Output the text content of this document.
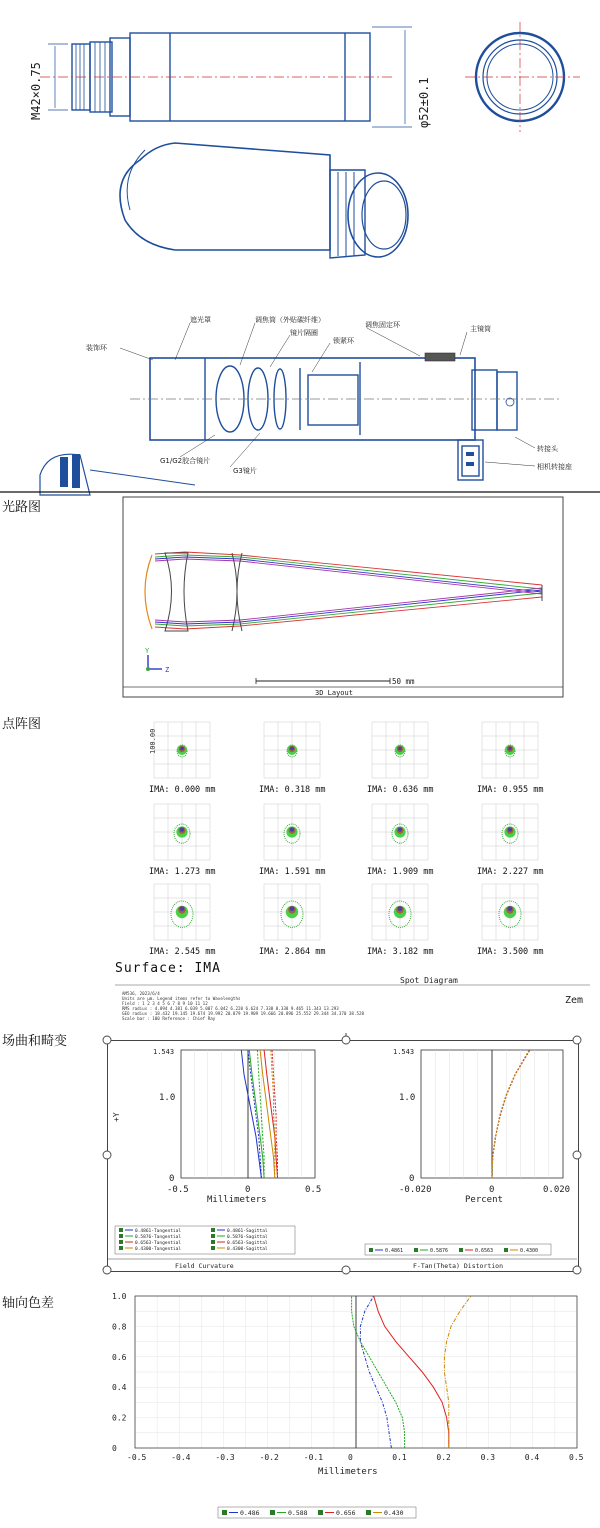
M42×0.75	φ52±0.1
装饰环
遮光罩	调焦筒（外贴碳纤维）
镜片隔圈
锁紧环
调焦固定环	主镜筒
G1/G2胶合镜片
G3镜片
转接头
相机转接座
光路图
点阵图
场曲和畸变
轴向色差
Y
Z
50 mm
3D Layout
100.00
IMA: 0.000 mm	IMA: 0.318 mm	IMA: 0.636 mm	IMA: 0.955 mm
IMA: 1.273 mm	IMA: 1.591 mm	IMA: 1.909 mm	IMA: 2.227 mm
IMA: 2.545 mm	IMA: 2.864 mm	IMA: 3.182 mm	IMA: 3.500 mm
Surface: IMA
Spot Diagram
Zem
AM536, 2023/6/4
Units are µm. Legend items refer to Wavelengths
Field : 1 2 3 4 5 6 7 8 9 10 11 12
RMS radius : 4.094 4.381 6.039 5.007 6.042 6.220 6.624 7.338 8.338 9.465 11.343 13.293
GEO radius : 18.432 19.145 19.674 19.992 20.879 19.909 19.666 20.896 25.552 29.344 34.370 38.528
Scale bar : 100 Reference : Chief Ray
1.543
1.0
0
+Y
-0.5	0	0.5
Millimeters
0.4861-Tangential	0.4861-Sagittal
0.5876-Tangential	0.5876-Sagittal
0.6563-Tangential	0.6563-Sagittal
0.4300-Tangential	0.4300-Sagittal
Field Curvature
1.543
1.0
0
-0.020	0	0.020
Percent
0.4861	0.5876	0.6563	0.4300
F-Tan(Theta) Distortion
-0.5	-0.4	-0.3	-0.2	-0.1	0	0.1	0.2	0.3	0.4	0.5
0
0.2
0.4
0.6
0.8
1.0
Millimeters
0.486	0.588	0.656	0.430
